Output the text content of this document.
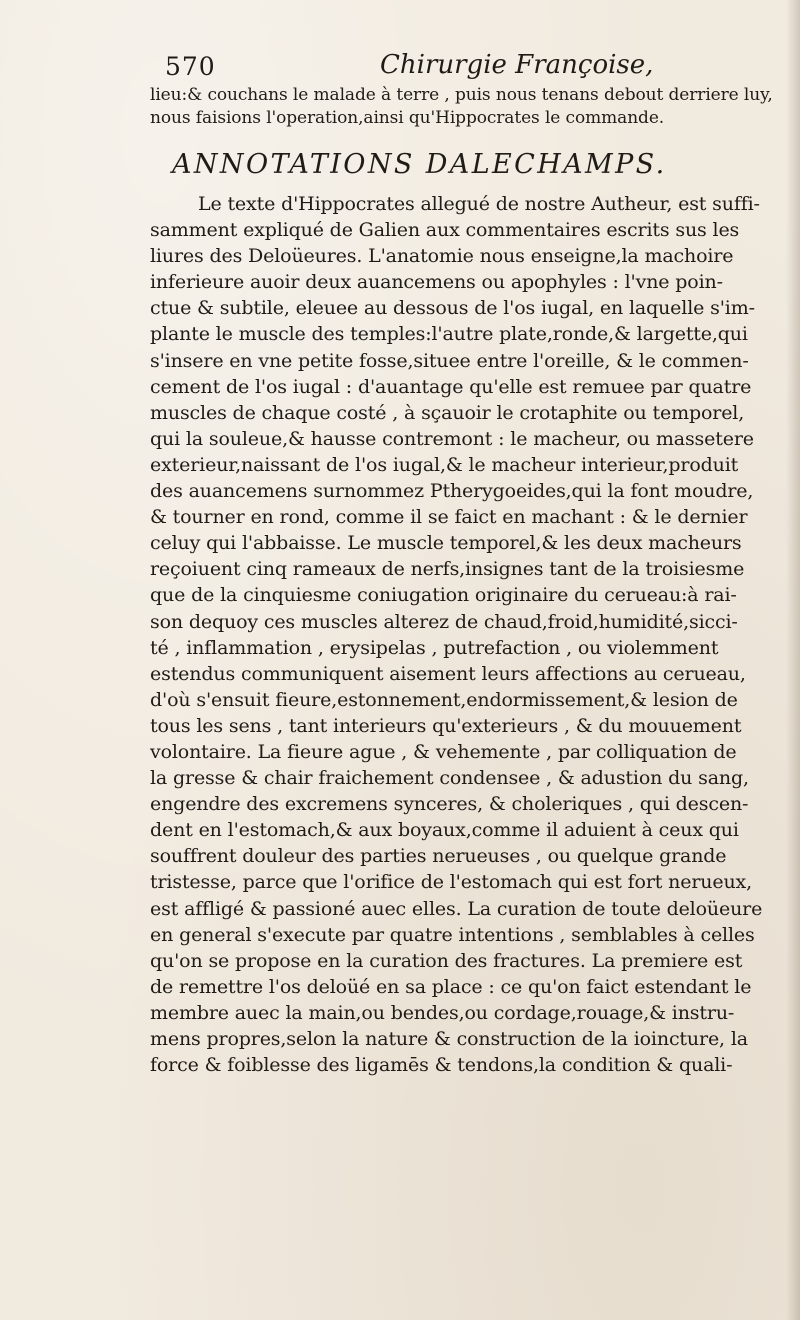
570	Chirurgie Françoise,
lieu:& couchans le malade à terre , puis nous tenans debout derriere luy,
nous faisions l'operation,ainsi qu'Hippocrates le commande.
ANNOTATIONS DALECHAMPS.
Le texte d'Hippocrates allegué de nostre Autheur, est suffi-
samment expliqué de Galien aux commentaires escrits sus les
liures des Deloüeures. L'anatomie nous enseigne,la machoire
inferieure auoir deux auancemens ou apophyles : l'vne poin-
ctue & subtile, eleuee au dessous de l'os iugal, en laquelle s'im-
plante le muscle des temples:l'autre plate,ronde,& largette,qui
s'insere en vne petite fosse,situee entre l'oreille, & le commen-
cement de l'os iugal : d'auantage qu'elle est remuee par quatre
muscles de chaque costé , à sçauoir le crotaphite ou temporel,
qui la souleue,& hausse contremont : le macheur, ou massetere
exterieur,naissant de l'os iugal,& le macheur interieur,produit
des auancemens surnommez Ptherygoeides,qui la font moudre,
& tourner en rond, comme il se faict en machant : & le dernier
celuy qui l'abbaisse. Le muscle temporel,& les deux macheurs
reçoiuent cinq rameaux de nerfs,insignes tant de la troisiesme
que de la cinquiesme coniugation originaire du cerueau:à rai-
son dequoy ces muscles alterez de chaud,froid,humidité,sicci-
té , inflammation , erysipelas , putrefaction , ou violemment
estendus communiquent aisement leurs affections au cerueau,
d'où s'ensuit fieure,estonnement,endormissement,& lesion de
tous les sens , tant interieurs qu'exterieurs , & du mouuement
volontaire. La fieure ague , & vehemente , par colliquation de
la gresse & chair fraichement condensee , & adustion du sang,
engendre des excremens synceres, & choleriques , qui descen-
dent en l'estomach,& aux boyaux,comme il aduient à ceux qui
souffrent douleur des parties nerueuses , ou quelque grande
tristesse, parce que l'orifice de l'estomach qui est fort nerueux,
est affligé & passioné auec elles. La curation de toute deloüeure
en general s'execute par quatre intentions , semblables à celles
qu'on se propose en la curation des fractures. La premiere est
de remettre l'os deloüé en sa place : ce qu'on faict estendant le
membre auec la main,ou bendes,ou cordage,rouage,& instru-
mens propres,selon la nature & construction de la ioincture, la
force & foiblesse des ligamēs & tendons,la condition & quali-
